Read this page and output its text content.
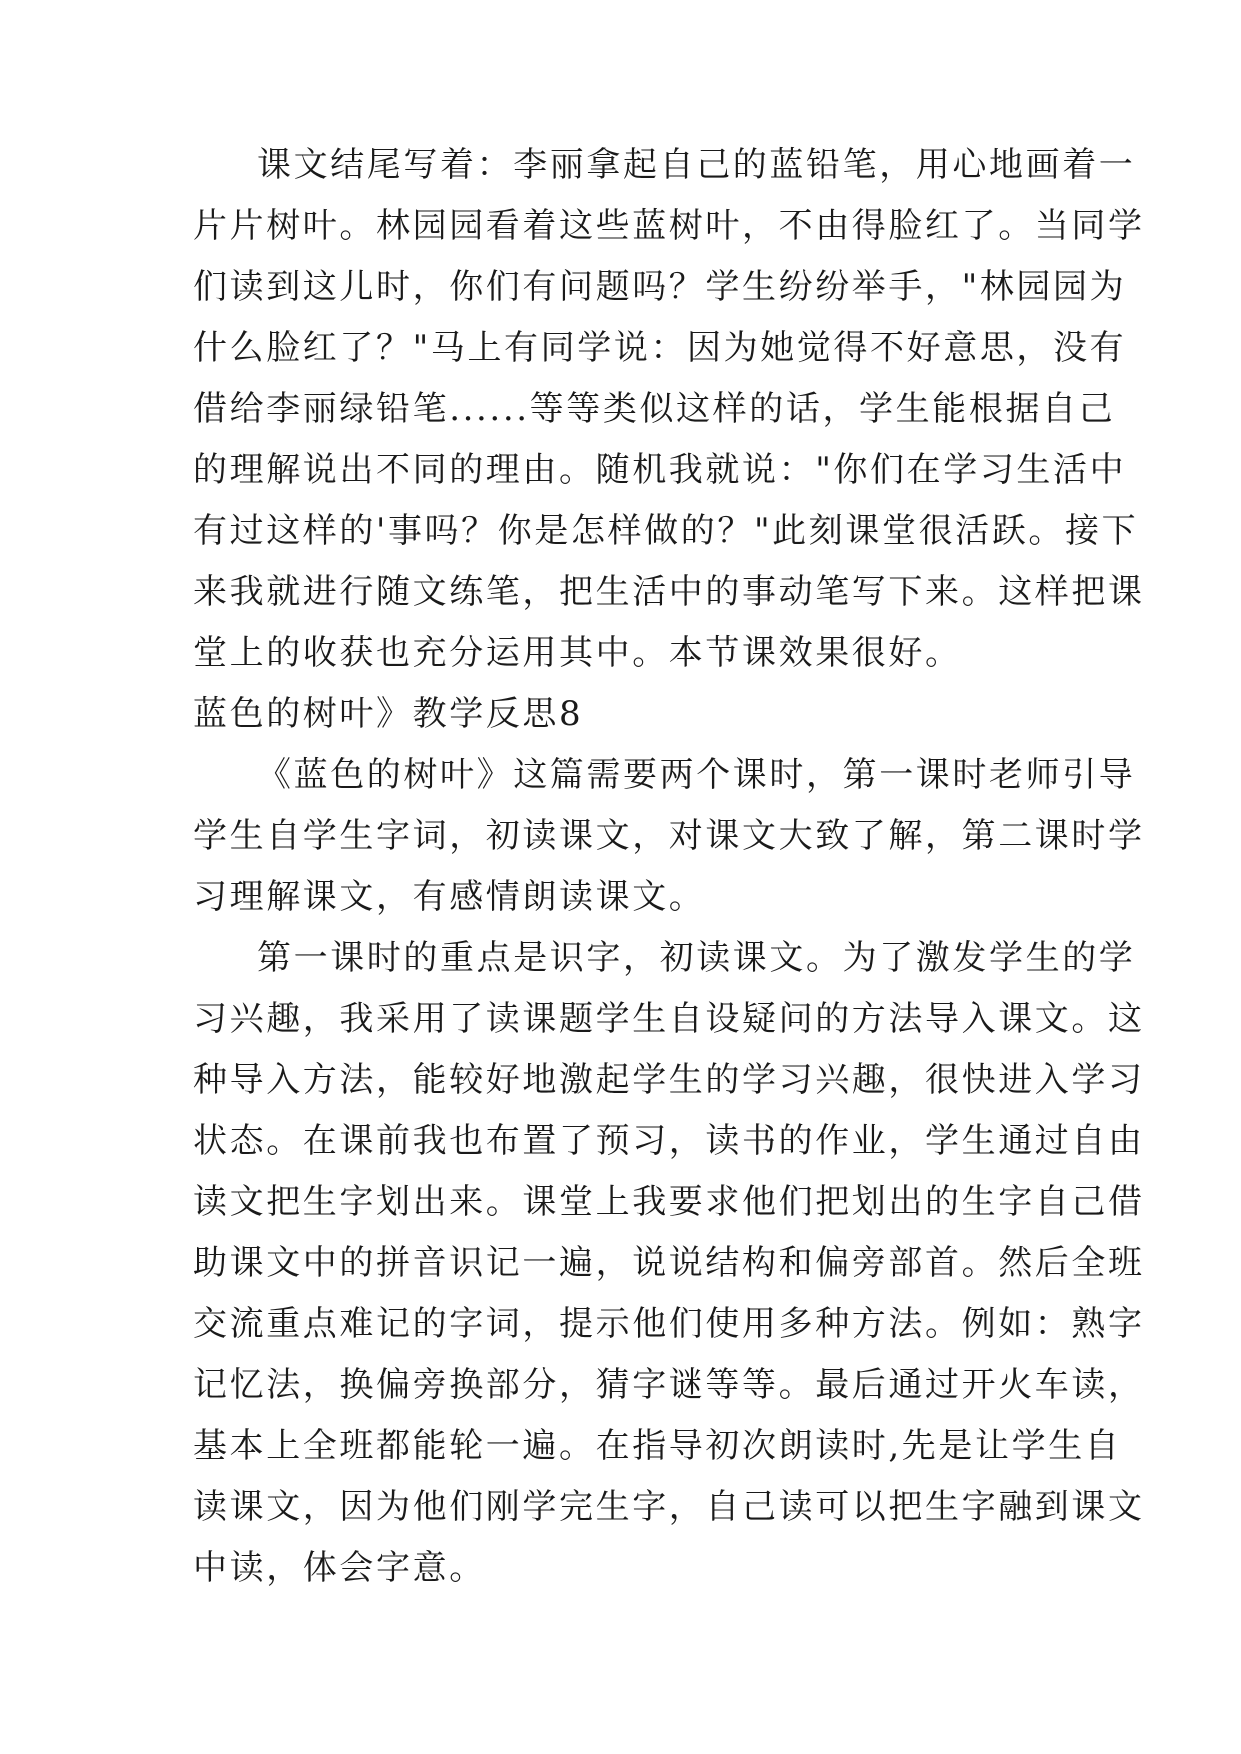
课文结尾写着：李丽拿起自己的蓝铅笔，用心地画着一
片片树叶。林园园看着这些蓝树叶，不由得脸红了。当同学
们读到这儿时，你们有问题吗？学生纷纷举手，"林园园为
什么脸红了？"马上有同学说：因为她觉得不好意思，没有
借给李丽绿铅笔......等等类似这样的话，学生能根据自己
的理解说出不同的理由。随机我就说："你们在学习生活中
有过这样的'事吗？你是怎样做的？"此刻课堂很活跃。接下
来我就进行随文练笔，把生活中的事动笔写下来。这样把课
堂上的收获也充分运用其中。本节课效果很好。
蓝色的树叶》教学反思8
《蓝色的树叶》这篇需要两个课时，第一课时老师引导
学生自学生字词，初读课文，对课文大致了解，第二课时学
习理解课文，有感情朗读课文。
第一课时的重点是识字，初读课文。为了激发学生的学
习兴趣，我采用了读课题学生自设疑问的方法导入课文。这
种导入方法，能较好地激起学生的学习兴趣，很快进入学习
状态。在课前我也布置了预习，读书的作业，学生通过自由
读文把生字划出来。课堂上我要求他们把划出的生字自己借
助课文中的拼音识记一遍，说说结构和偏旁部首。然后全班
交流重点难记的字词，提示他们使用多种方法。例如：熟字
记忆法，换偏旁换部分，猜字谜等等。最后通过开火车读，
基本上全班都能轮一遍。在指导初次朗读时,先是让学生自
读课文，因为他们刚学完生字，自己读可以把生字融到课文
中读，体会字意。
